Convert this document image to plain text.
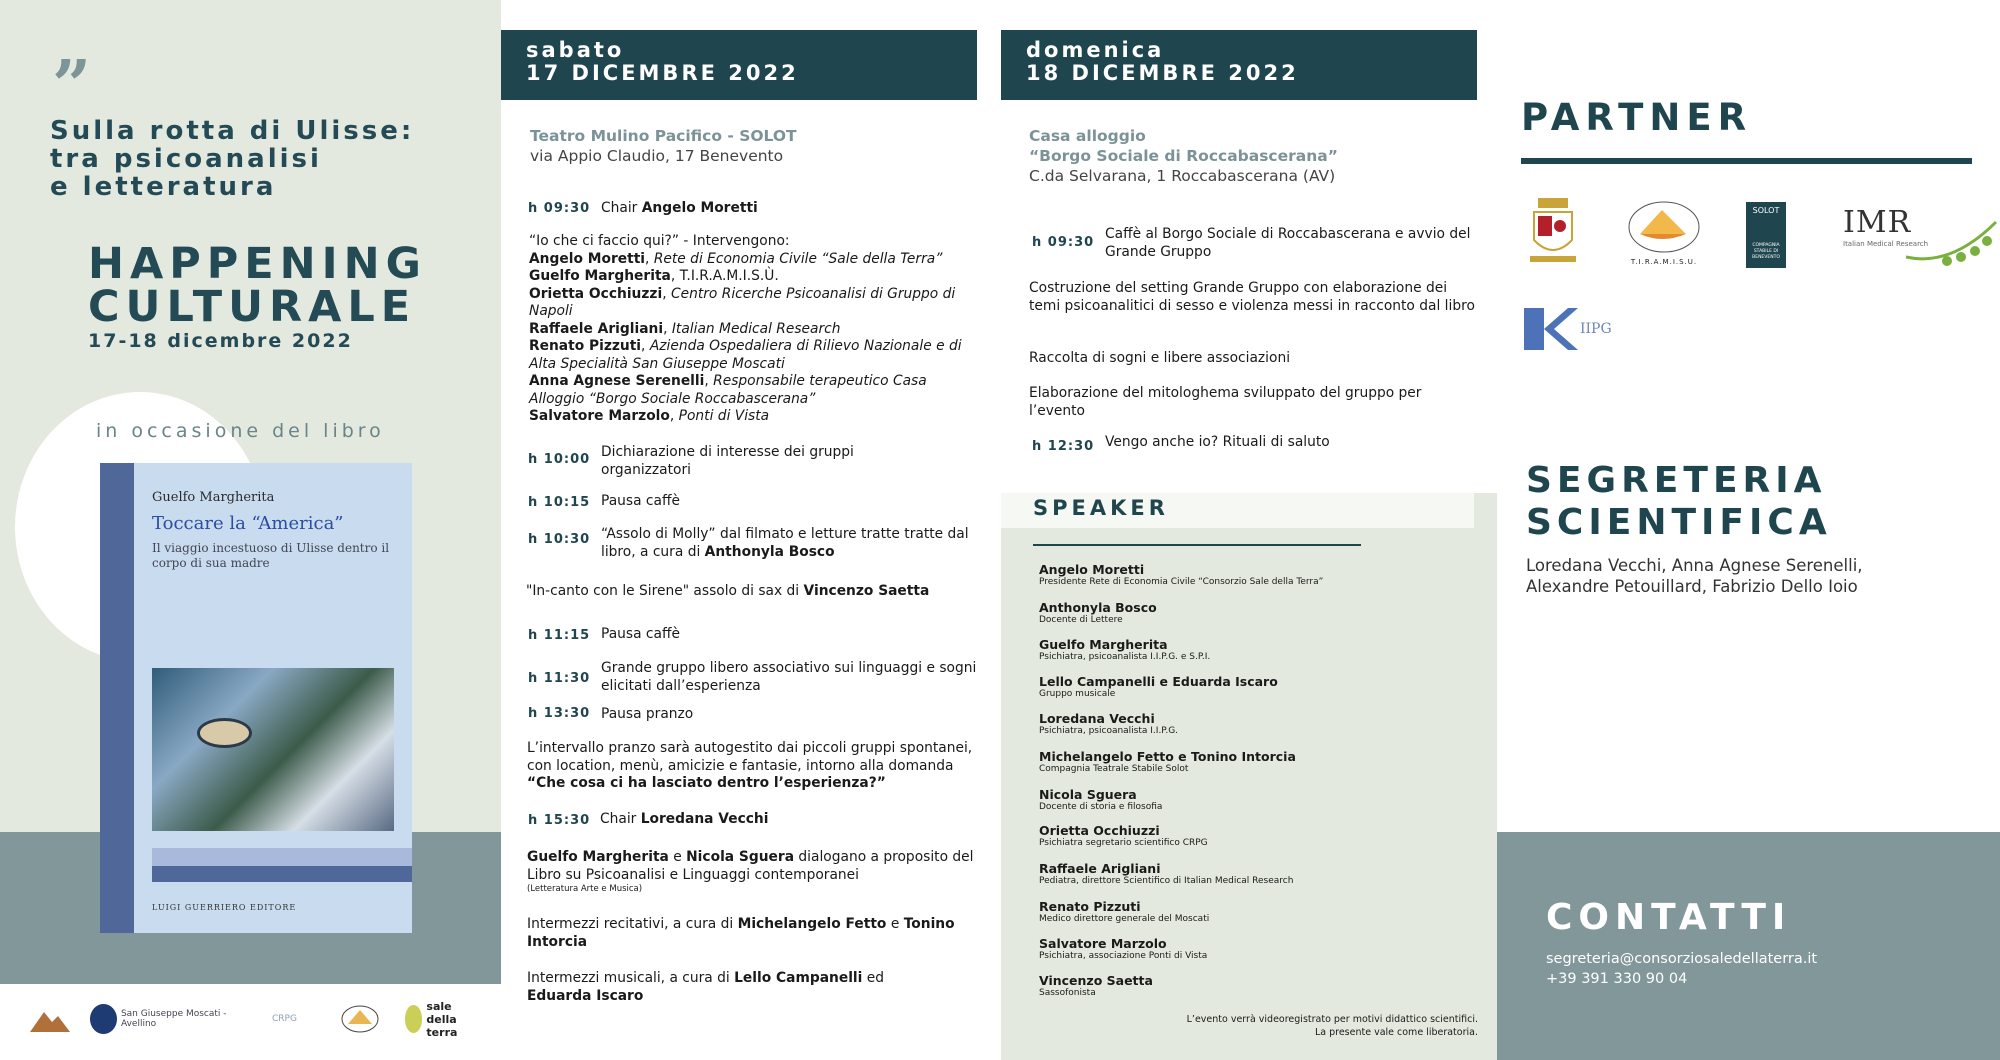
”
Sulla rotta di Ulisse:
tra psicoanalisi
e letteratura
HAPPENING
CULTURALE
17-18 dicembre 2022
in occasione del libro
Guelfo Margherita
Toccare la “America”
Il viaggio incestuoso di Ulisse dentro il corpo di sua madre
LUIGI GUERRIERO EDITORE
San Giuseppe Moscati - Avellino	CRPG
sale della terra
sabato
17 DICEMBRE 2022
Teatro Mulino Pacifico - SOLOT
via Appio Claudio, 17 Benevento
h 09:30 Chair Angelo Moretti
“Io che ci faccio qui?” - Intervengono:
Angelo Moretti, Rete di Economia Civile “Sale della Terra”
Guelfo Margherita, T.I.R.A.M.I.S.Ù.
Orietta Occhiuzzi, Centro Ricerche Psicoanalisi di Gruppo di Napoli
Raffaele Arigliani, Italian Medical Research
Renato Pizzuti, Azienda Ospedaliera di Rilievo Nazionale e di Alta Specialità San Giuseppe Moscati
Anna Agnese Serenelli, Responsabile terapeutico Casa Alloggio “Borgo Sociale Roccabascerana”
Salvatore Marzolo, Ponti di Vista
h 10:00 Dichiarazione di interesse dei gruppi organizzatori
h 10:15 Pausa caffè
h 10:30 “Assolo di Molly” dal filmato e letture tratte tratte dal libro, a cura di Anthonyla Bosco
"In-canto con le Sirene" assolo di sax di Vincenzo Saetta
h 11:15 Pausa caffè
h 11:30
Grande gruppo libero associativo sui linguaggi e sogni elicitati dall’esperienza
h 13:30 Pausa pranzo
L’intervallo pranzo sarà autogestito dai piccoli gruppi spontanei, con location, menù, amicizie e fantasie, intorno alla domanda  “Che cosa ci ha lasciato dentro l’esperienza?”
h 15:30 Chair Loredana Vecchi
Guelfo Margherita e Nicola Sguera dialogano a proposito del Libro su Psicoanalisi e Linguaggi contemporanei
(Letteratura Arte e Musica)
Intermezzi recitativi, a cura di Michelangelo Fetto e Tonino Intorcia
Intermezzi musicali, a cura di Lello Campanelli ed Eduarda Iscaro
domenica
18 DICEMBRE 2022
Casa alloggio
“Borgo Sociale di Roccabascerana”
C.da Selvarana, 1 Roccabascerana (AV)
h 09:30
Caffè al Borgo Sociale di Roccabascerana e avvio del Grande Gruppo
Costruzione del setting Grande Gruppo con elaborazione dei temi psicoanalitici di sesso e violenza messi in racconto dal libro
Raccolta di sogni e libere associazioni
Elaborazione del mitologhema sviluppato del gruppo per l’evento
h 12:30 Vengo anche io? Rituali di saluto
SPEAKER
Angelo Moretti
Presidente Rete di Economia Civile “Consorzio Sale della Terra”
Anthonyla Bosco
Docente di Lettere
Guelfo Margherita
Psichiatra, psicoanalista I.I.P.G. e S.P.I.
Lello Campanelli e Eduarda Iscaro
Gruppo musicale
Loredana Vecchi
Psichiatra, psicoanalista I.I.P.G.
Michelangelo Fetto e Tonino Intorcia
Compagnia Teatrale Stabile Solot
Nicola Sguera
Docente di storia e filosofia
Orietta Occhiuzzi
Psichiatra segretario scientifico CRPG
Raffaele Arigliani
Pediatra, direttore Scientifico di Italian Medical Research
Renato Pizzuti
Medico direttore generale del Moscati
Salvatore Marzolo
Psichiatra, associazione Ponti di Vista
Vincenzo Saetta
Sassofonista
L’evento verrà videoregistrato per motivi didattico scientifici.
La presente vale come liberatoria.
PARTNER
T.I.R.A.M.I.S.U.
SOLOT
COMPAGNIA STABILE DI BENEVENTO
IMR
Italian Medical Research
IIPG
SEGRETERIA
SCIENTIFICA
Loredana Vecchi, Anna Agnese Serenelli, Alexandre Petouillard, Fabrizio Dello Ioio
CONTATTI
segreteria@consorziosaledellaterra.it
+39 391 330 90 04
